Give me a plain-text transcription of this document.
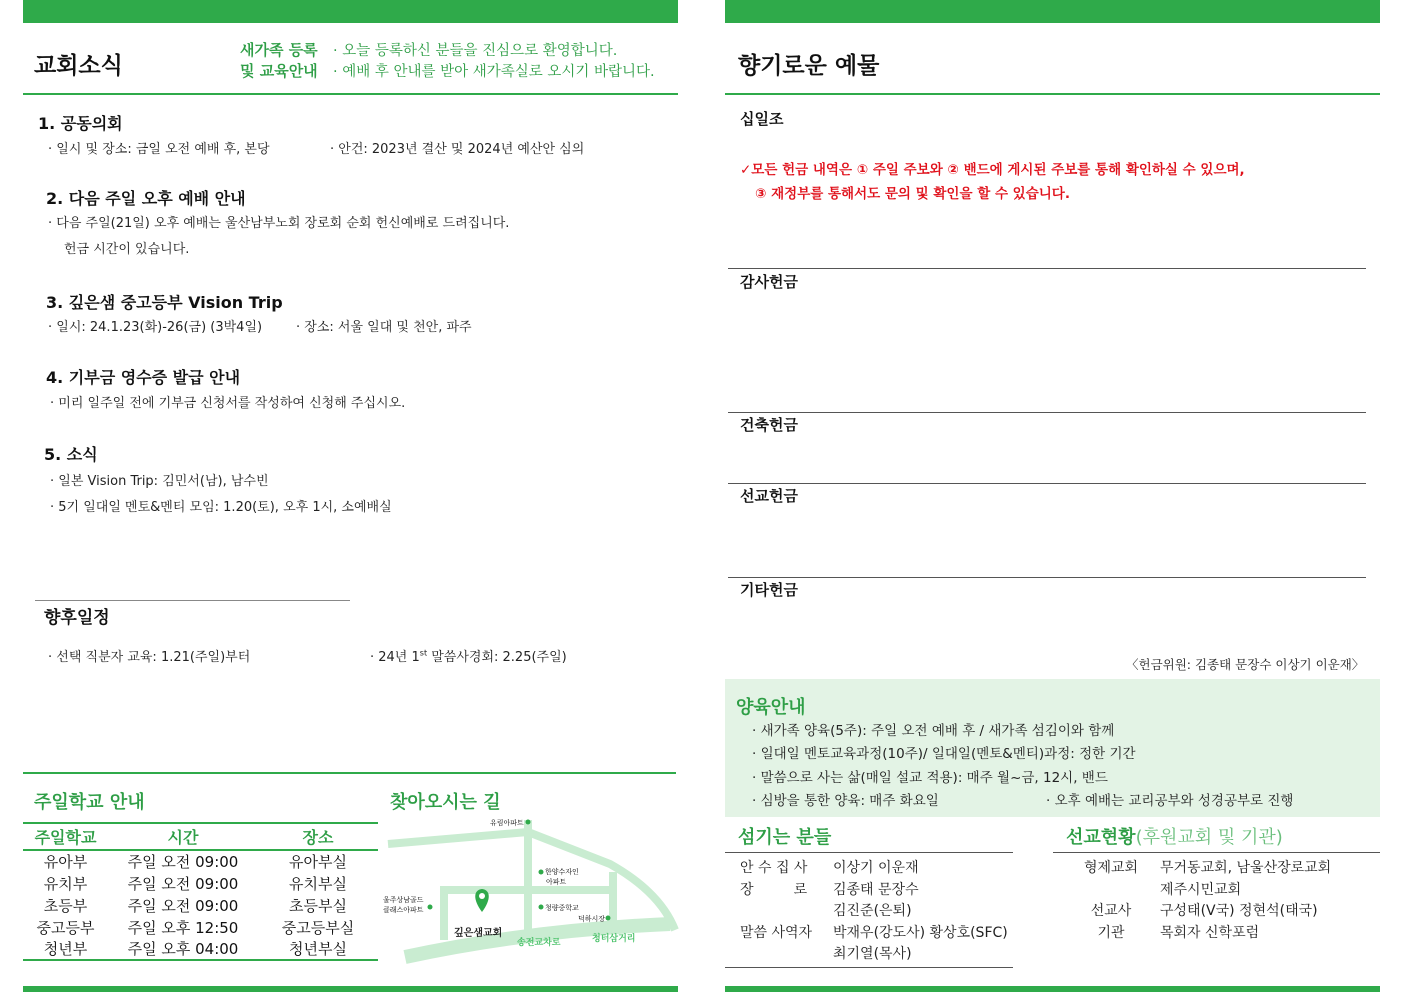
교회소식
새가족 등록
및 교육안내
· 오늘 등록하신 분들을 진심으로 환영합니다.
· 예배 후 안내를 받아 새가족실로 오시기 바랍니다.
1. 공동의회
· 일시 및 장소: 금일 오전 예배 후, 본당	· 안건: 2023년 결산 및 2024년 예산안 심의
2. 다음 주일 오후 예배 안내
· 다음 주일(21일) 오후 예배는 울산남부노회 장로회 순회 헌신예배로 드려집니다.
헌금 시간이 있습니다.
3. 깊은샘 중고등부 Vision Trip
· 일시: 24.1.23(화)-26(금) (3박4일)	· 장소: 서울 일대 및 천안, 파주
4. 기부금 영수증 발급 안내
· 미리 일주일 전에 기부금 신청서를 작성하여 신청해 주십시오.
5. 소식
· 일본 Vision Trip: 김민서(남), 남수빈
· 5기 일대일 멘토&멘티 모임: 1.20(토), 오후 1시, 소예배실
향후일정
· 선택 직분자 교육: 1.21(주일)부터	· 24년 1st 말씀사경회: 2.25(주일)
주일학교 안내
주일학교	시간	장소
유아부	주일 오전 09:00	유아부실
유치부	주일 오전 09:00	유치부실
초등부	주일 오전 09:00	초등부실
중고등부	주일 오후 12:50	중고등부실
청년부	주일 오후 04:00	청년부실
찾아오시는 길
유림아파트
한양수자인
아파트
울주상남골드
클래스아파트	청량중학교
덕하시장
깊은샘교회
송전교차로	청터삼거리
향기로운 예물
십일조
✓모든 헌금 내역은 ① 주일 주보와 ② 밴드에 게시된 주보를 통해 확인하실 수 있으며,
③ 재정부를 통해서도 문의 및 확인을 할 수 있습니다.
감사헌금
건축헌금
선교헌금
기타헌금
〈헌금위원: 김종태 문장수 이상기 이운재〉
양육안내
· 새가족 양육(5주): 주일 오전 예배 후 / 새가족 섬김이와 함께
· 일대일 멘토교육과정(10주)/ 일대일(멘토&멘티)과정: 정한 기간
· 말씀으로 사는 삶(매일 설교 적용): 매주 월~금, 12시, 밴드
· 심방을 통한 양육: 매주 화요일	· 오후 예배는 교리공부와 성경공부로 진행
섬기는 분들
안 수 집 사	이상기 이운재
장         로	김종태 문장수
김진준(은퇴)
말씀 사역자	박재우(강도사) 황상호(SFC)
최기열(목사)
선교현황(후원교회 및 기관)
형제교회	무거동교회, 남울산장로교회
제주시민교회
선교사	구성태(V국) 정현석(태국)
기관	목회자 신학포럼
